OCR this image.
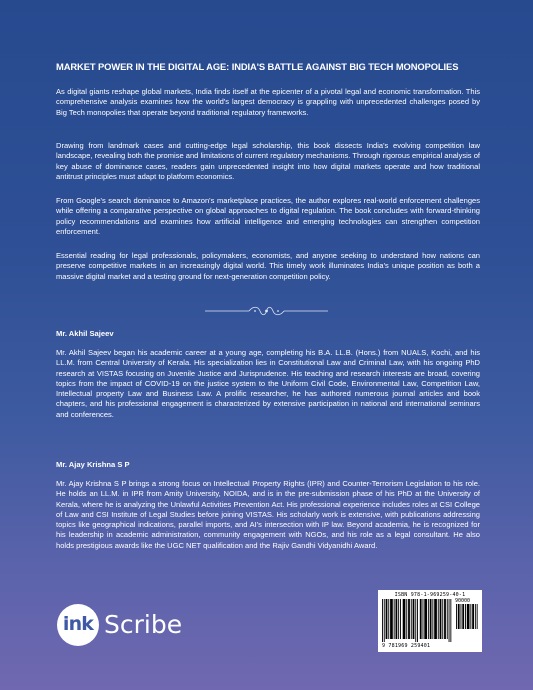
MARKET POWER IN THE DIGITAL AGE: INDIA'S BATTLE AGAINST BIG TECH MONOPOLIES

As digital giants reshape global markets, India finds itself at the epicenter of a pivotal legal and economic transformation. This comprehensive analysis examines how the world's largest democracy is grappling with unprecedented challenges posed by Big Tech monopolies that operate beyond traditional regulatory frameworks.

Drawing from landmark cases and cutting-edge legal scholarship, this book dissects India's evolving competition law landscape, revealing both the promise and limitations of current regulatory mechanisms. Through rigorous empirical analysis of key abuse of dominance cases, readers gain unprecedented insight into how digital markets operate and how traditional antitrust principles must adapt to platform economics.

From Google's search dominance to Amazon's marketplace practices, the author explores real-world enforcement challenges while offering a comparative perspective on global approaches to digital regulation. The book concludes with forward-thinking policy recommendations and examines how artificial intelligence and emerging technologies can strengthen competition enforcement.

Essential reading for legal professionals, policymakers, economists, and anyone seeking to understand how nations can preserve competitive markets in an increasingly digital world. This timely work illuminates India's unique position as both a massive digital market and a testing ground for next-generation competition policy.

Mr. Akhil Sajeev

Mr. Akhil Sajeev began his academic career at a young age, completing his B.A. LL.B. (Hons.) from NUALS, Kochi, and his LL.M. from Central University of Kerala. His specialization lies in Constitutional Law and Criminal Law, with his ongoing PhD research at VISTAS focusing on Juvenile Justice and Jurisprudence. His teaching and research interests are broad, covering topics from the impact of COVID-19 on the justice system to the Uniform Civil Code, Environmental Law, Competition Law, Intellectual property Law and Business Law. A prolific researcher, he has authored numerous journal articles and book chapters, and his professional engagement is characterized by extensive participation in national and international seminars and conferences.

Mr. Ajay Krishna S P

Mr. Ajay Krishna S P brings a strong focus on Intellectual Property Rights (IPR) and Counter-Terrorism Legislation to his role. He holds an LL.M. in IPR from Amity University, NOIDA, and is in the pre-submission phase of his PhD at the University of Kerala, where he is analyzing the Unlawful Activities Prevention Act. His professional experience includes roles at CSI College of Law and CSI Institute of Legal Studies before joining VISTAS. His scholarly work is extensive, with publications addressing topics like geographical indications, parallel imports, and AI's intersection with IP law. Beyond academia, he is recognized for his leadership in academic administration, community engagement with NGOs, and his role as a legal consultant. He also holds prestigious awards like the UGC NET qualification and the Rajiv Gandhi Vidyanidhi Award.

ink Scribe
ISBN 978-1-969259-40-1
90000
9 781969 259401
